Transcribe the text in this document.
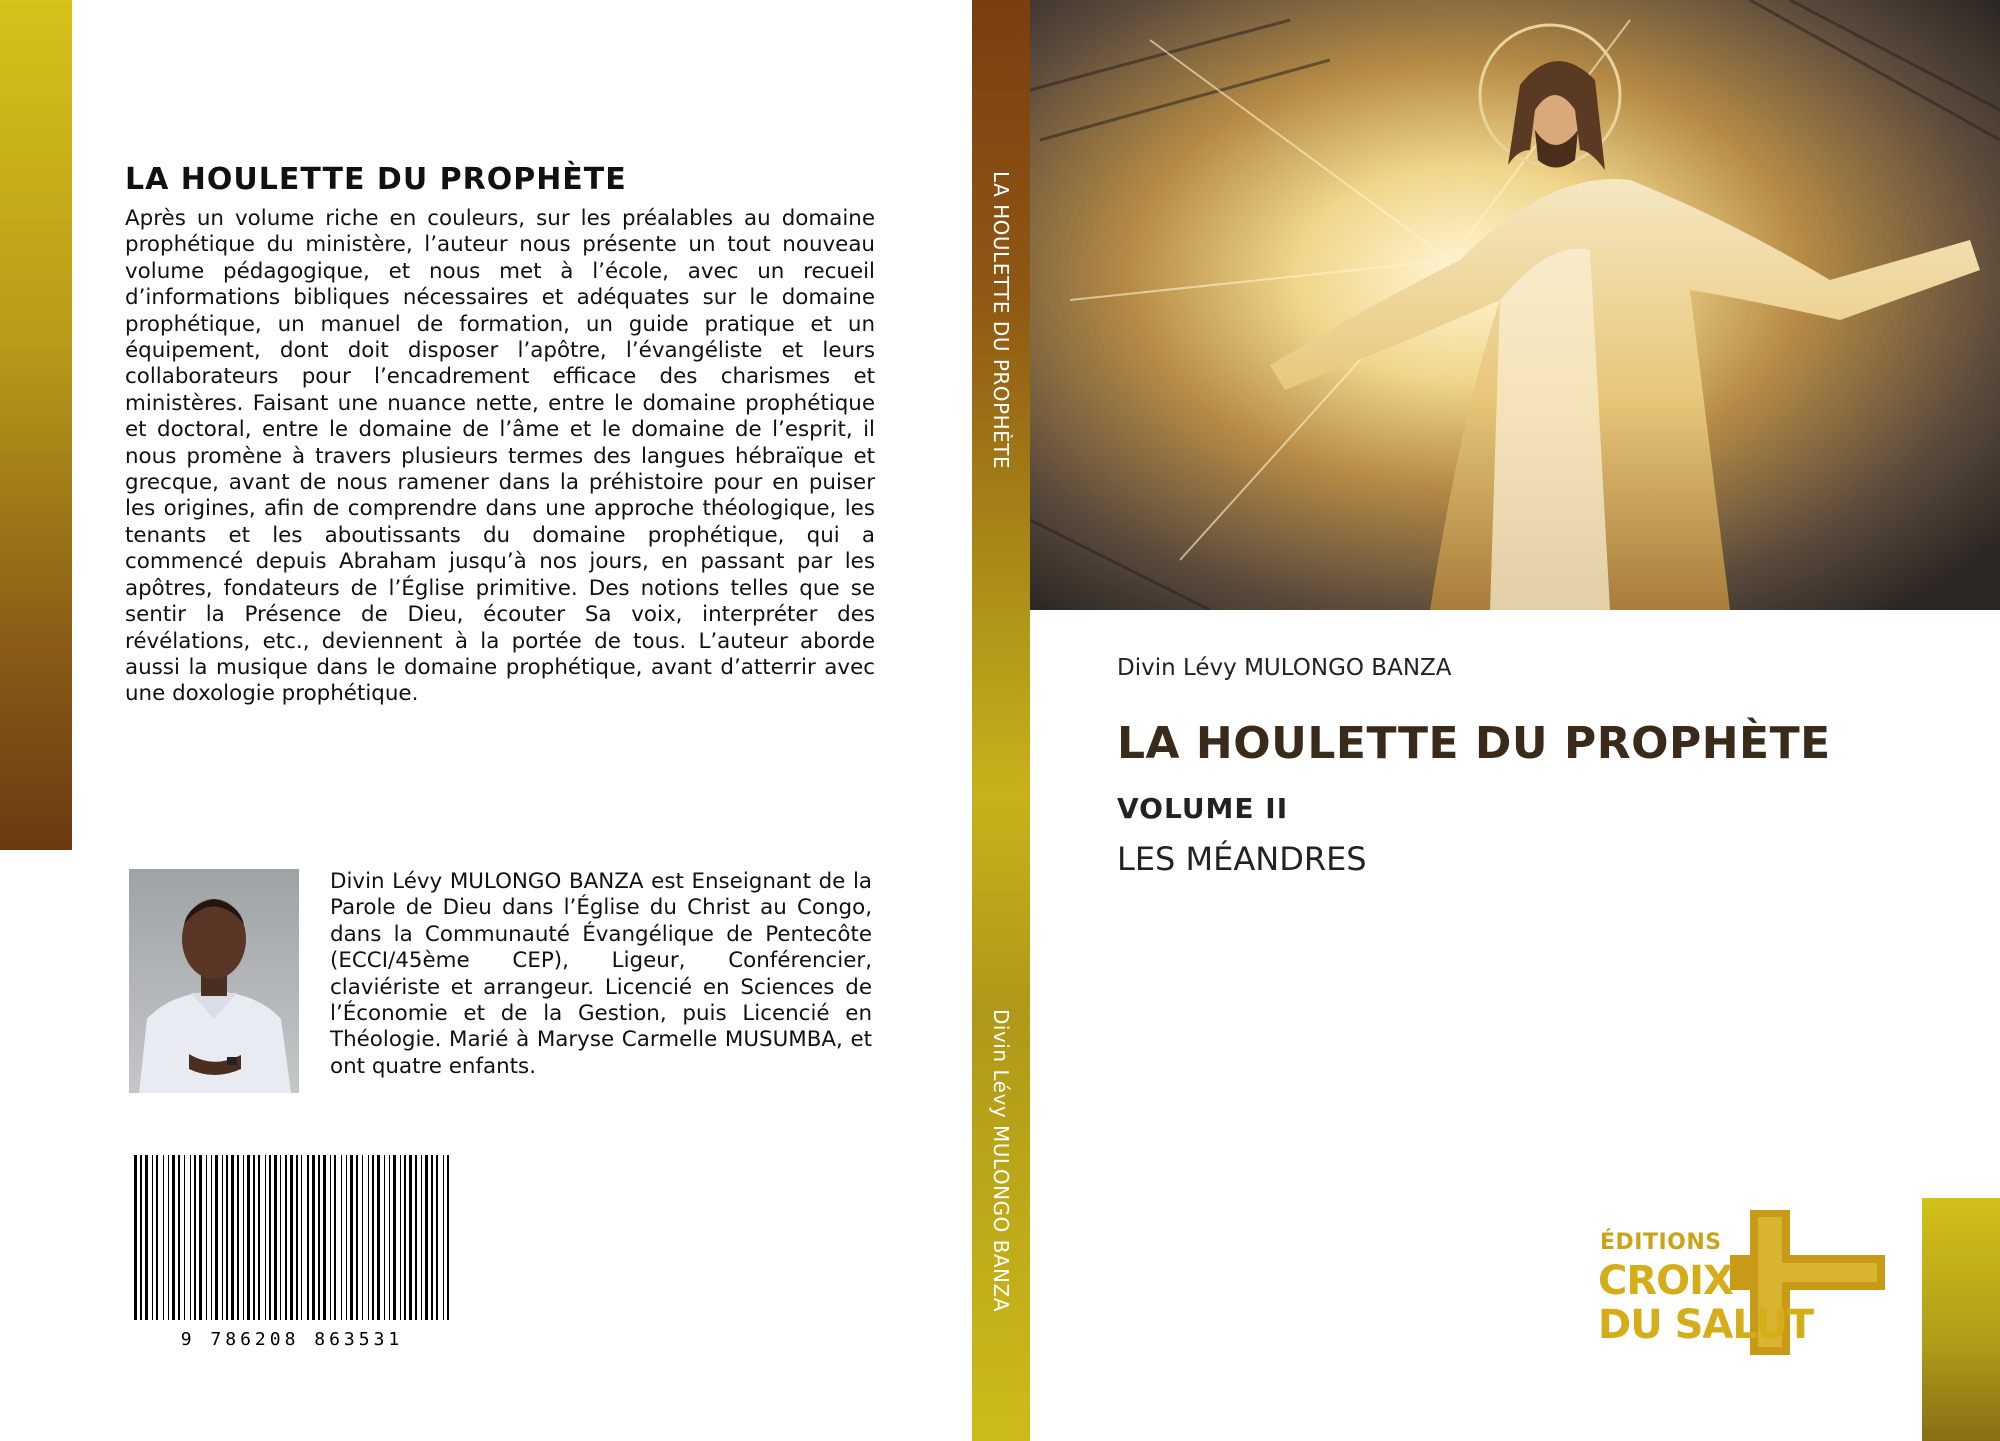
LA HOULETTE DU PROPHÈTE

Après un volume riche en couleurs, sur les préalables au domaine prophétique du ministère, l’auteur nous présente un tout nouveau volume pédagogique, et nous met à l’école, avec un recueil d’informations bibliques nécessaires et adéquates sur le domaine prophétique, un manuel de formation, un guide pratique et un équipement, dont doit disposer l’apôtre, l’évangéliste et leurs collaborateurs pour l’encadrement efficace des charismes et ministères. Faisant une nuance nette, entre le domaine prophétique et doctoral, entre le domaine de l’âme et le domaine de l’esprit, il nous promène à travers plusieurs termes des langues hébraïque et grecque, avant de nous ramener dans la préhistoire pour en puiser les origines, afin de comprendre dans une approche théologique, les tenants et les aboutissants du domaine prophétique, qui a commencé depuis Abraham jusqu’à nos jours, en passant par les apôtres, fondateurs de l’Église primitive. Des notions telles que se sentir la Présence de Dieu, écouter Sa voix, interpréter des révélations, etc., deviennent à la portée de tous. L’auteur aborde aussi la musique dans le domaine prophétique, avant d’atterrir avec une doxologie prophétique.

Divin Lévy MULONGO BANZA est Enseignant de la Parole de Dieu dans l’Église du Christ au Congo, dans la Communauté Évangélique de Pentecôte (ECCI/45ème CEP), Ligeur, Conférencier, claviériste et arrangeur. Licencié en Sciences de l’Économie et de la Gestion, puis Licencié en Théologie. Marié à Maryse Carmelle MUSUMBA, et ont quatre enfants.

9 786208 863531
LA HOULETTE DU PROPHÈTE
Divin Lévy MULONGO BANZA

Divin Lévy MULONGO BANZA

LA HOULETTE DU PROPHÈTE

VOLUME II

LES MÉANDRES

ÉDITIONS
CROIX
DU SALUT
